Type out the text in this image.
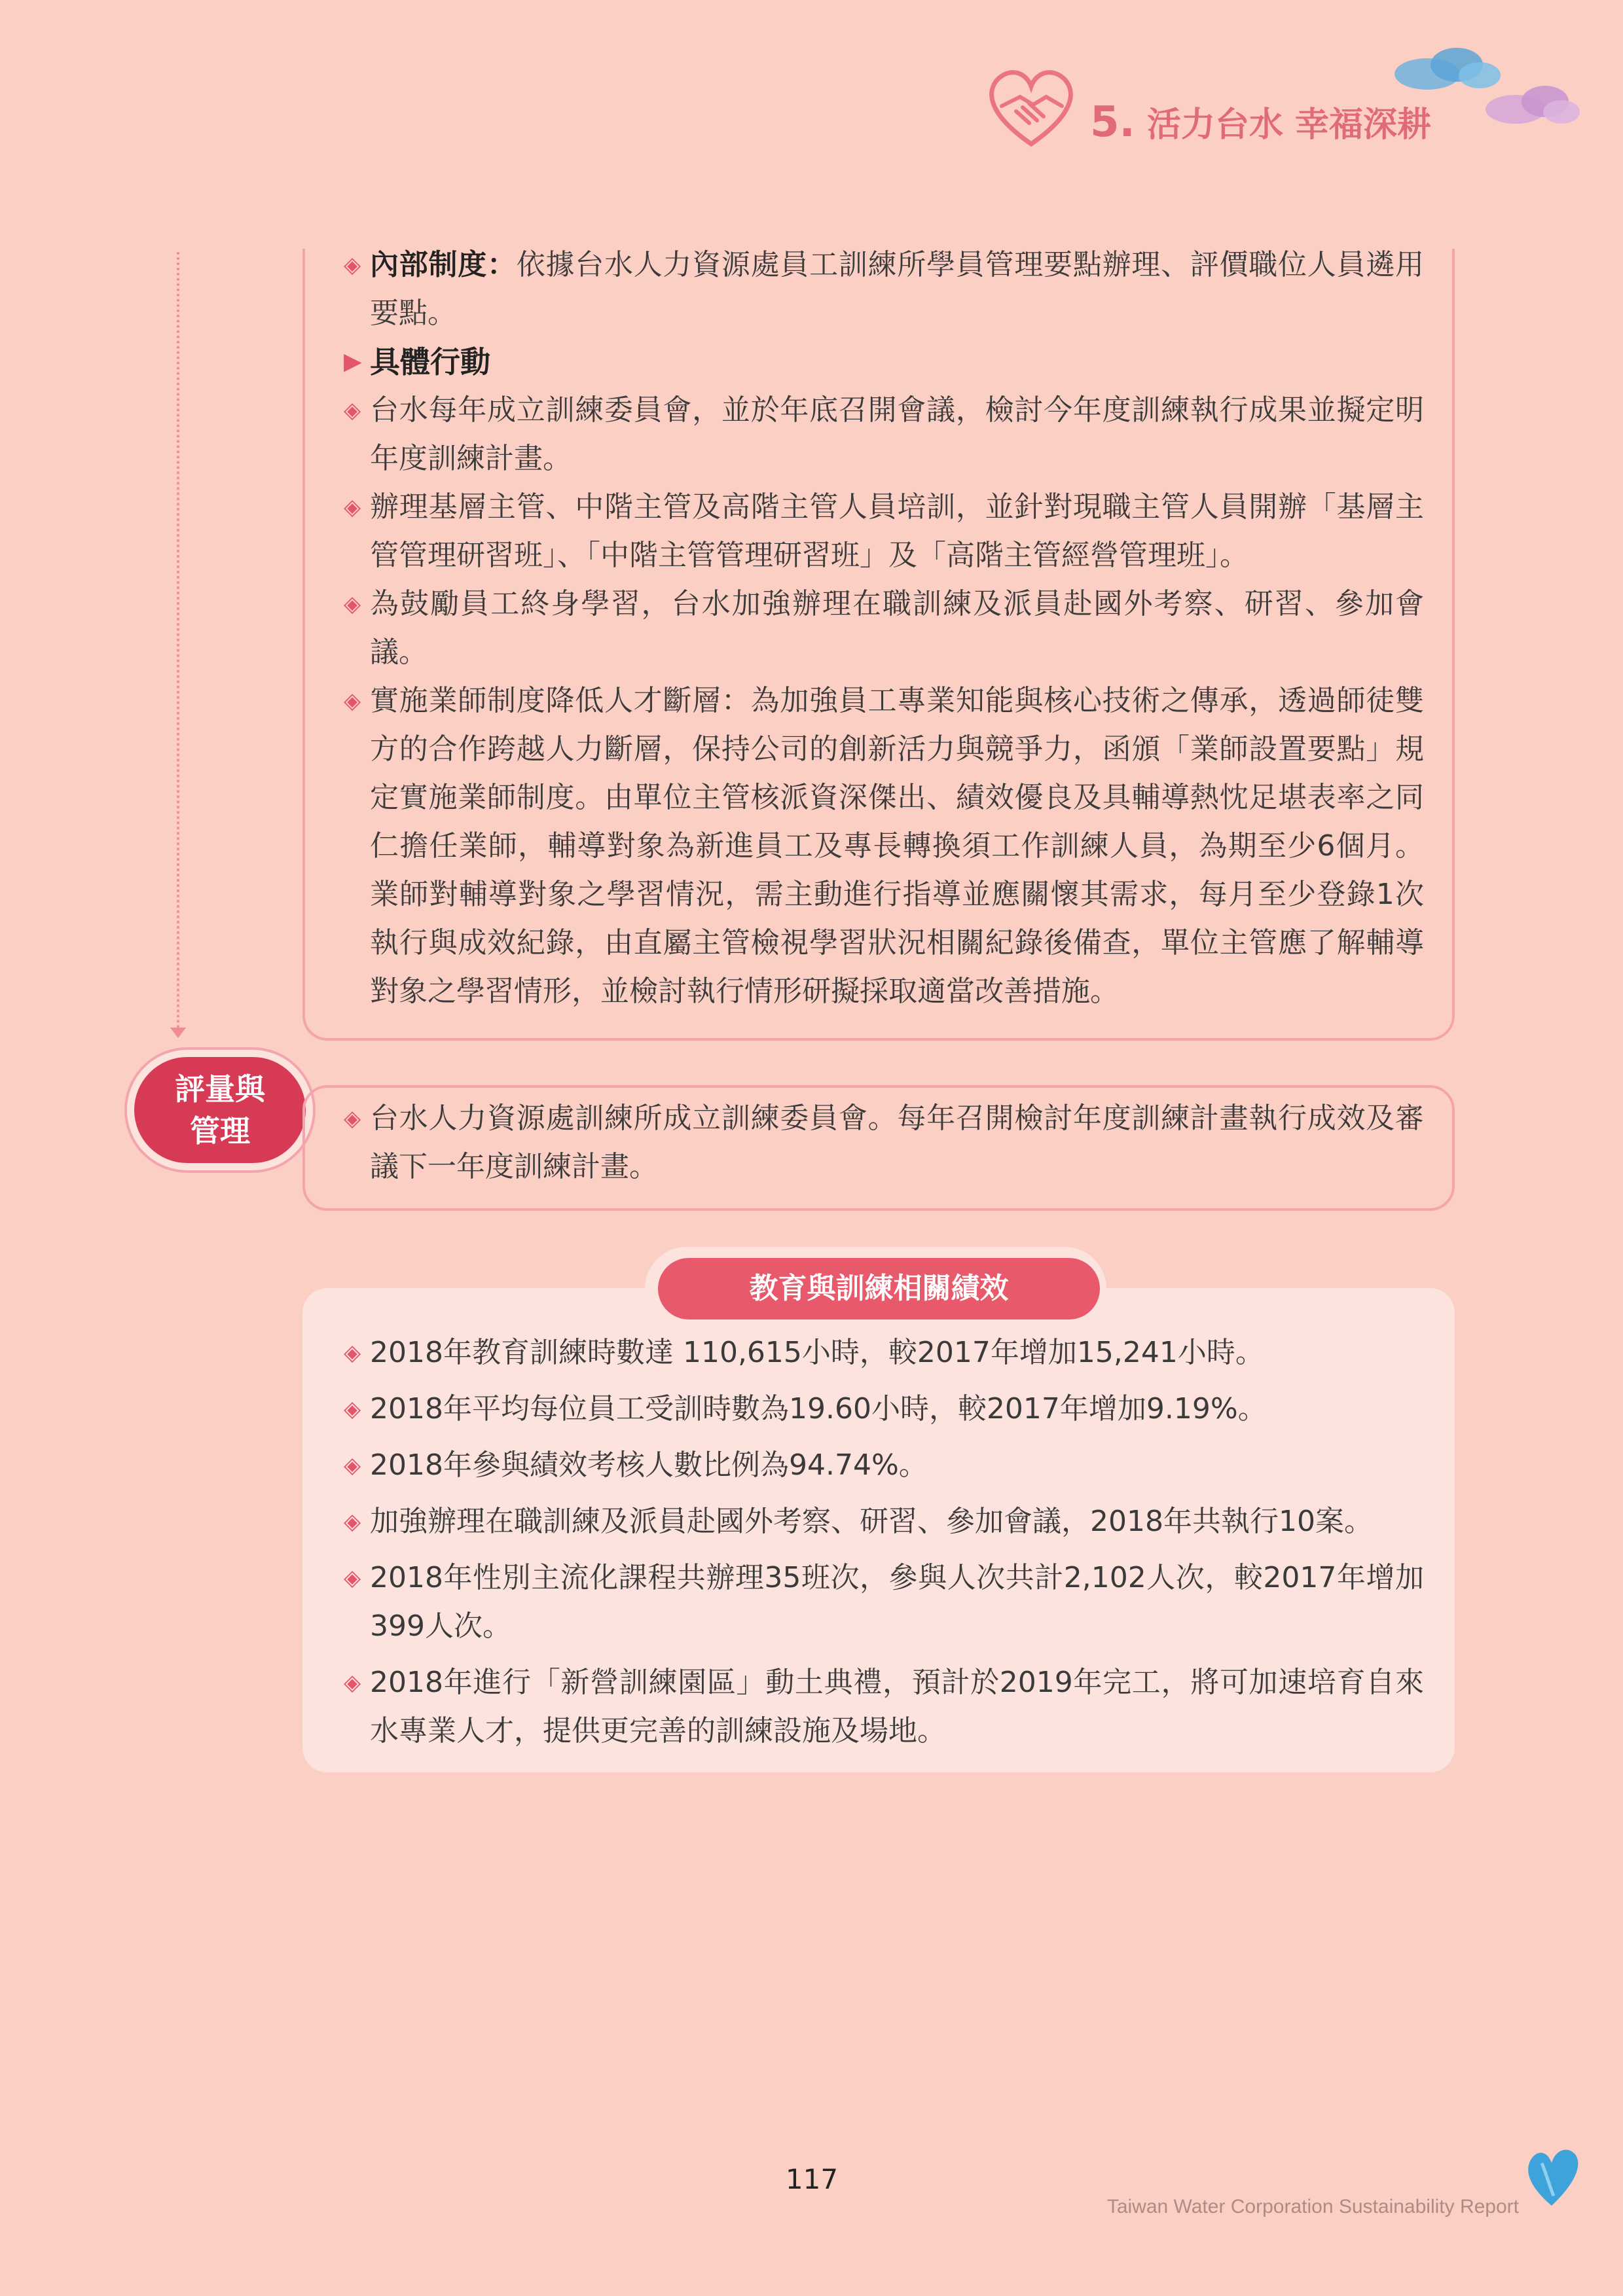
5. 活力台水 幸福深耕
◈ 內部制度：依據台水人力資源處員工訓練所學員管理要點辦理、評價職位人員遴用要點。
▶ 具體行動
◈ 台水每年成立訓練委員會，並於年底召開會議，檢討今年度訓練執行成果並擬定明年度訓練計畫。
◈ 辦理基層主管、中階主管及高階主管人員培訓，並針對現職主管人員開辦「基層主管管理研習班」、「中階主管管理研習班」及「高階主管經營管理班」。
◈ 為鼓勵員工終身學習，台水加強辦理在職訓練及派員赴國外考察、研習、參加會議。
◈ 實施業師制度降低人才斷層：為加強員工專業知能與核心技術之傳承，透過師徒雙方的合作跨越人力斷層，保持公司的創新活力與競爭力，函頒「業師設置要點」規定實施業師制度。由單位主管核派資深傑出、績效優良及具輔導熱忱足堪表率之同仁擔任業師，輔導對象為新進員工及專長轉換須工作訓練人員，為期至少6個月。業師對輔導對象之學習情況，需主動進行指導並應關懷其需求，每月至少登錄1次執行與成效紀錄，由直屬主管檢視學習狀況相關紀錄後備查，單位主管應了解輔導對象之學習情形，並檢討執行情形研擬採取適當改善措施。
評量與
管理	◈ 台水人力資源處訓練所成立訓練委員會。每年召開檢討年度訓練計畫執行成效及審議下一年度訓練計畫。
教育與訓練相關績效
◈ 2018年教育訓練時數達 110,615小時，較2017年增加15,241小時。
◈ 2018年平均每位員工受訓時數為19.60小時，較2017年增加9.19%。
◈ 2018年參與績效考核人數比例為94.74%。
◈ 加強辦理在職訓練及派員赴國外考察、研習、參加會議，2018年共執行10案。
◈ 2018年性別主流化課程共辦理35班次，參與人次共計2,102人次，較2017年增加399人次。
◈ 2018年進行「新營訓練園區」動土典禮，預計於2019年完工，將可加速培育自來水專業人才，提供更完善的訓練設施及場地。
117
Taiwan Water Corporation Sustainability Report
